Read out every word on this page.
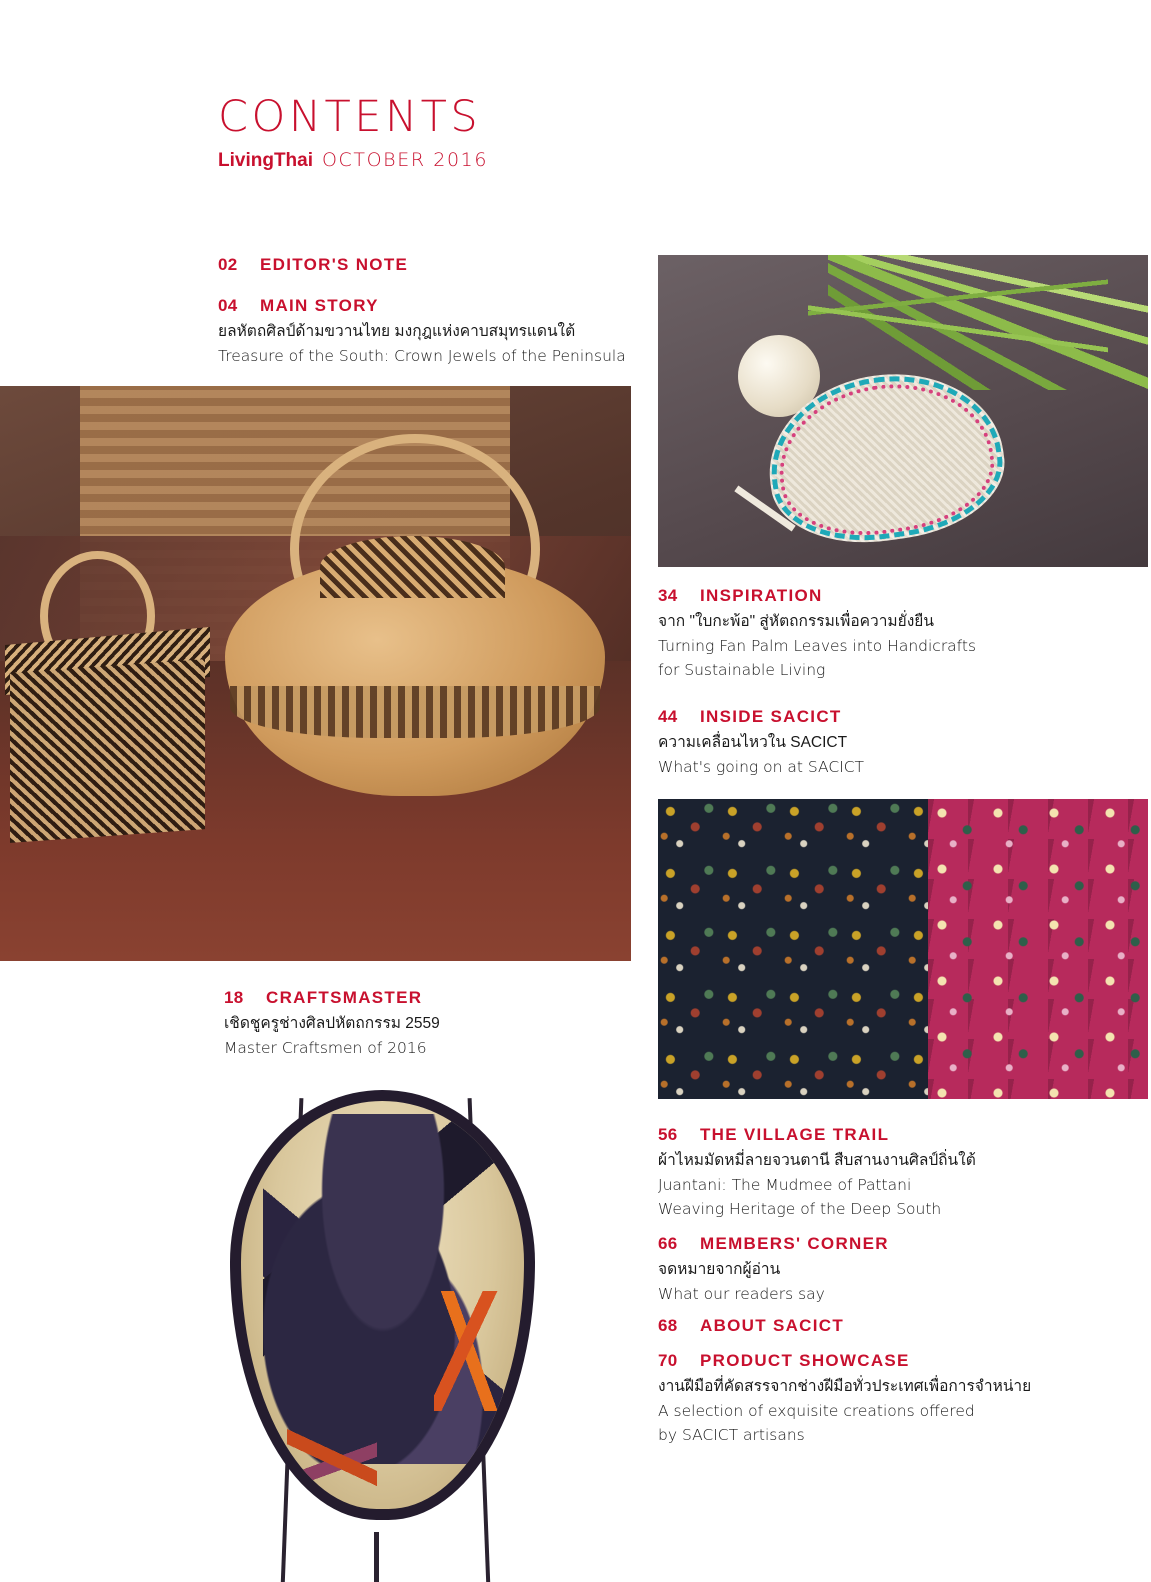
CONTENTS
LivingThai OCTOBER 2016
02	EDITOR'S NOTE
04	MAIN STORY
ยลหัตถศิลป์ด้ามขวานไทย มงกุฎแห่งคาบสมุทรแดนใต้
Treasure of the South: Crown Jewels of the Peninsula
18	CRAFTSMASTER
เชิดชูครูช่างศิลปหัตถกรรม 2559
Master Craftsmen of 2016
34	INSPIRATION
จาก "ใบกะพ้อ" สู่หัตถกรรมเพื่อความยั่งยืน
Turning Fan Palm Leaves into Handicrafts
for Sustainable Living
44	INSIDE SACICT
ความเคลื่อนไหวใน SACICT
What's going on at SACICT
56	THE VILLAGE TRAIL
ผ้าไหมมัดหมี่ลายจวนตานี สืบสานงานศิลป์ถิ่นใต้
Juantani: The Mudmee of Pattani
Weaving Heritage of the Deep South
66	MEMBERS' CORNER
จดหมายจากผู้อ่าน
What our readers say
68	ABOUT SACICT
70	PRODUCT SHOWCASE
งานฝีมือที่คัดสรรจากช่างฝีมือทั่วประเทศเพื่อการจำหน่าย
A selection of exquisite creations offered
by SACICT artisans
